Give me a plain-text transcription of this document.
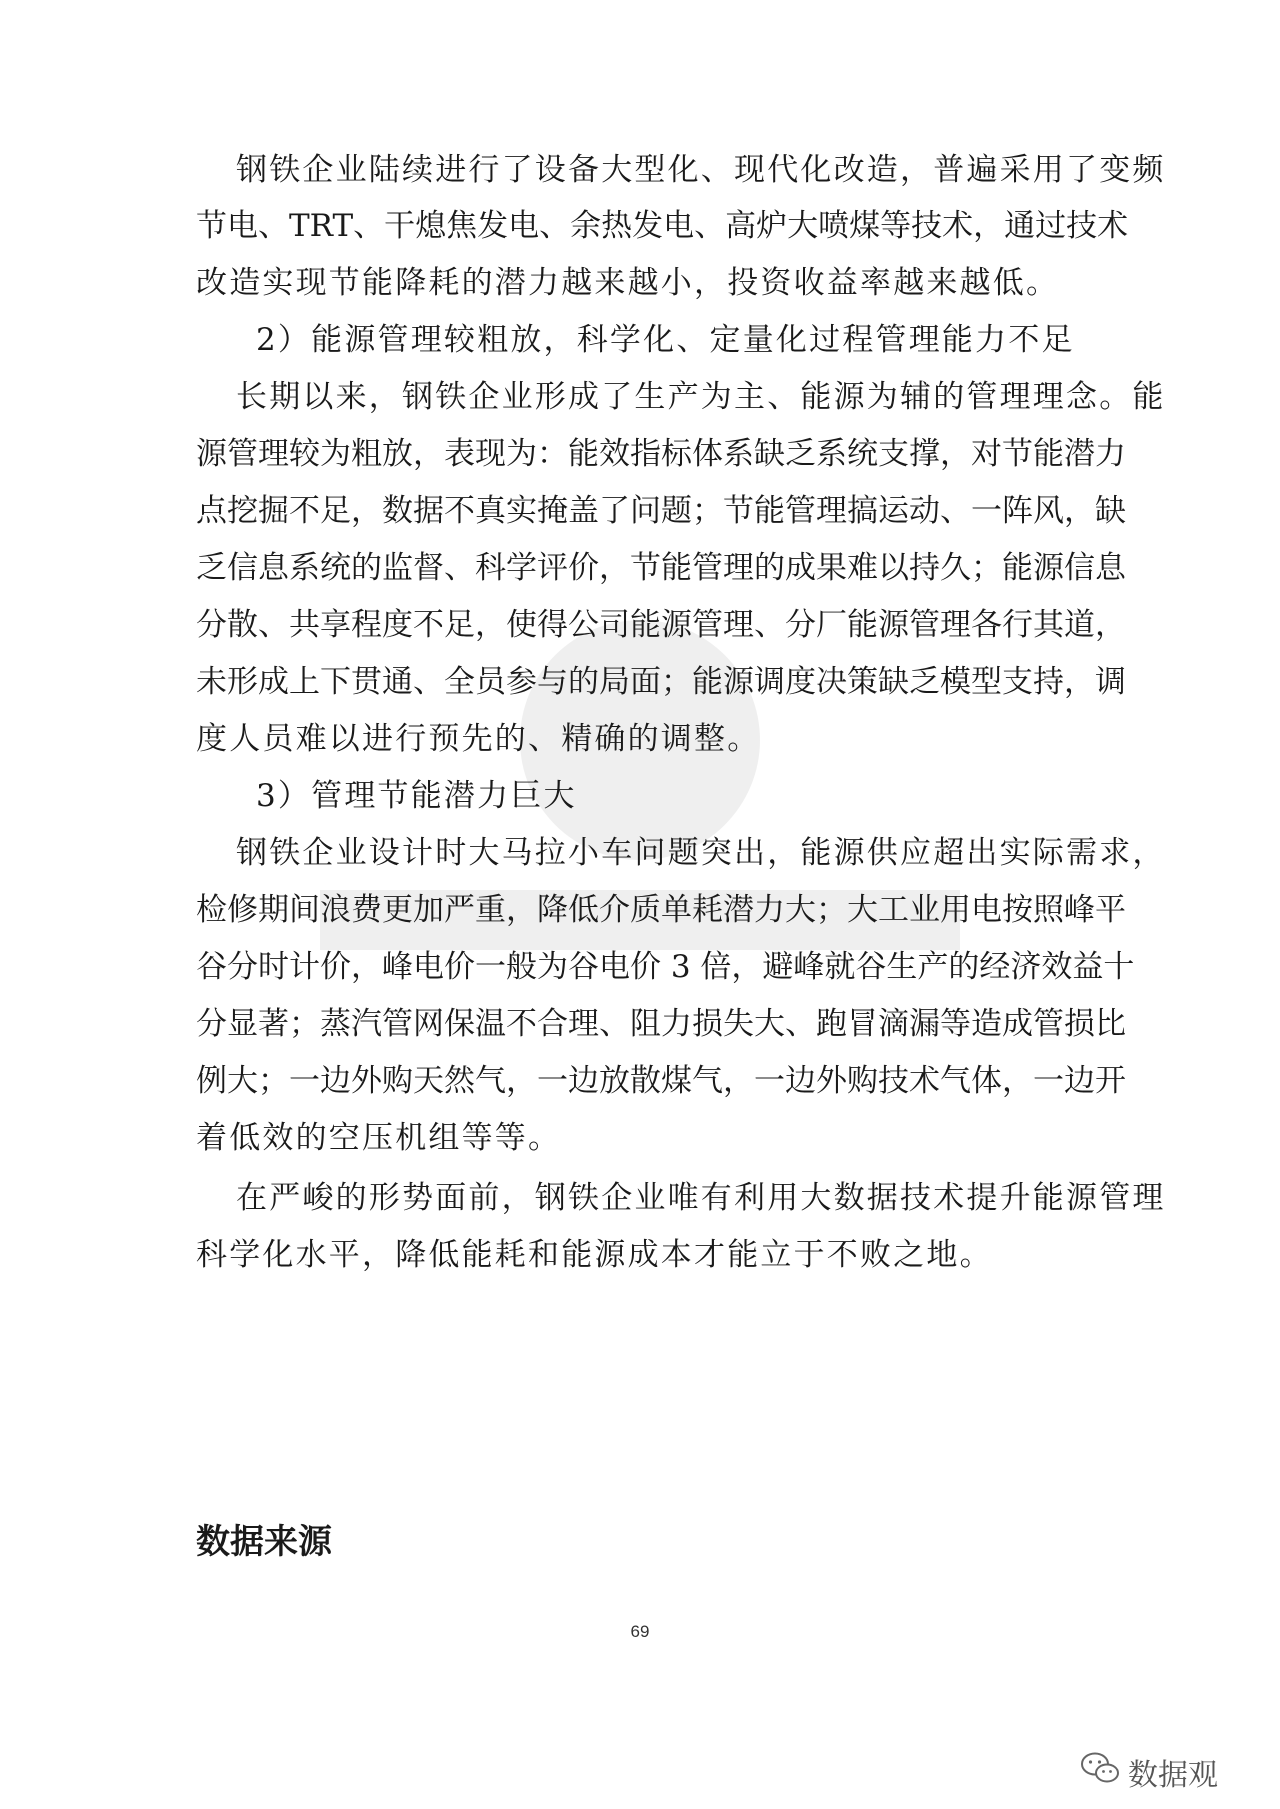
钢铁企业陆续进行了设备大型化、现代化改造，普遍采用了变频

节电、TRT、干熄焦发电、余热发电、高炉大喷煤等技术，通过技术

改造实现节能降耗的潜力越来越小，投资收益率越来越低。

2）能源管理较粗放，科学化、定量化过程管理能力不足

长期以来，钢铁企业形成了生产为主、能源为辅的管理理念。能

源管理较为粗放，表现为：能效指标体系缺乏系统支撑，对节能潜力

点挖掘不足，数据不真实掩盖了问题；节能管理搞运动、一阵风，缺

乏信息系统的监督、科学评价，节能管理的成果难以持久；能源信息

分散、共享程度不足，使得公司能源管理、分厂能源管理各行其道，

未形成上下贯通、全员参与的局面；能源调度决策缺乏模型支持，调

度人员难以进行预先的、精确的调整。

3）管理节能潜力巨大

钢铁企业设计时大马拉小车问题突出，能源供应超出实际需求，

检修期间浪费更加严重，降低介质单耗潜力大；大工业用电按照峰平

谷分时计价，峰电价一般为谷电价 3 倍，避峰就谷生产的经济效益十

分显著；蒸汽管网保温不合理、阻力损失大、跑冒滴漏等造成管损比

例大；一边外购天然气，一边放散煤气，一边外购技术气体，一边开

着低效的空压机组等等。

在严峻的形势面前，钢铁企业唯有利用大数据技术提升能源管理

科学化水平，降低能耗和能源成本才能立于不败之地。

数据来源
69
数据观
